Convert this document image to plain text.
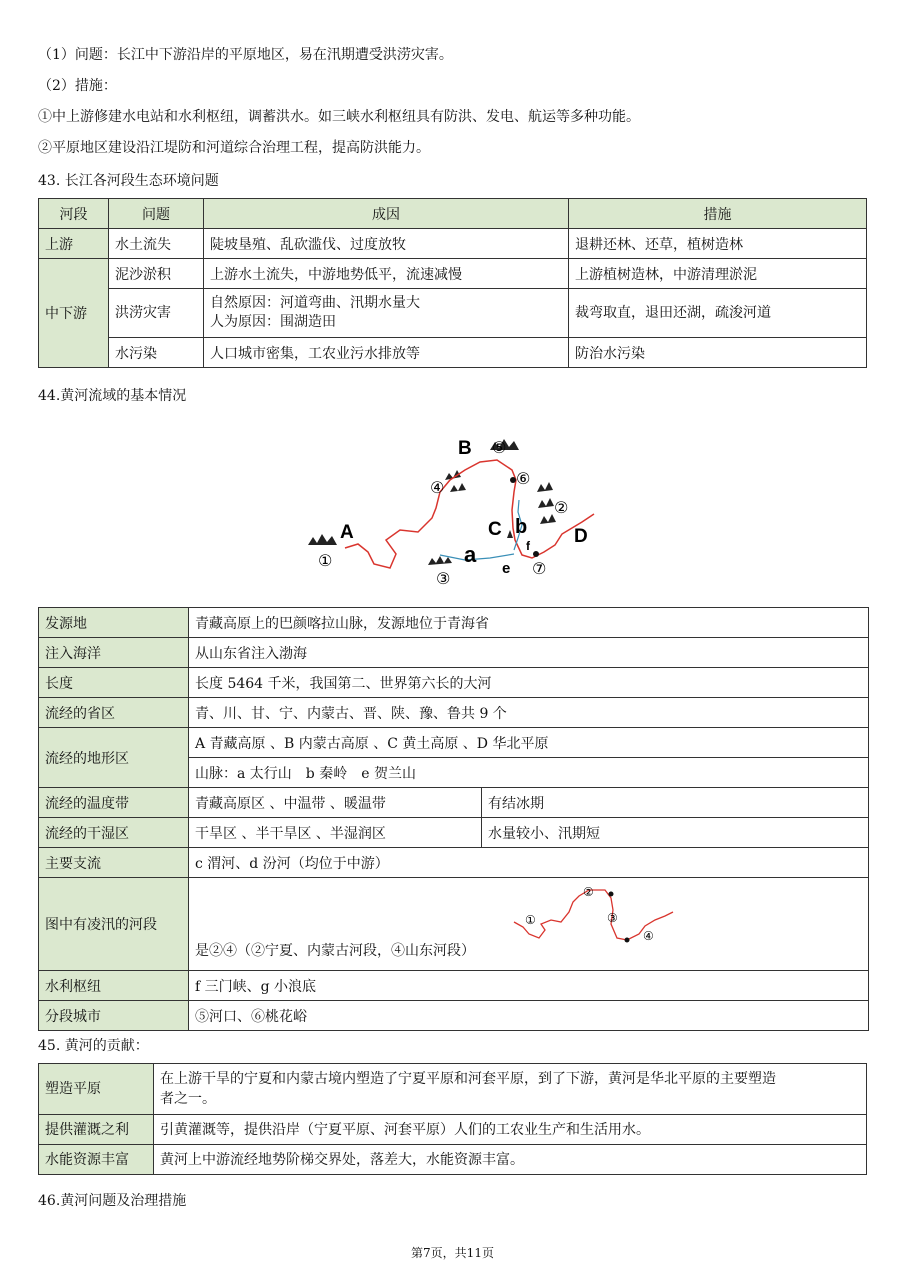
（1）问题：长江中下游沿岸的平原地区，易在汛期遭受洪涝灾害。
（2）措施：
①中上游修建水电站和水利枢纽，调蓄洪水。如三峡水利枢纽具有防洪、发电、航运等多种功能。
②平原地区建设沿江堤防和河道综合治理工程，提高防洪能力。
43. 长江各河段生态环境问题
河段	问题	成因	措施
上游	水土流失	陡坡垦殖、乱砍滥伐、过度放牧	退耕还林、还草，植树造林
中下游	泥沙淤积	上游水土流失，中游地势低平，流速减慢	上游植树造林，中游清理淤泥
	洪涝灾害	自然原因：河道弯曲、汛期水量大
人为原因：围湖造田	裁弯取直，退田还湖，疏浚河道
	水污染	人口城市密集，工农业污水排放等	防治水污染
44.黄河流域的基本情况
A
B
C	D
a
b
e
f
①
②
③
④
⑤
⑥
⑦
发源地	青藏高原上的巴颜喀拉山脉，发源地位于青海省	
注入海洋	从山东省注入渤海	
长度	长度 5464 千米，我国第二、世界第六长的大河	
流经的省区	青、川、甘、宁、内蒙古、晋、陕、豫、鲁共 9 个	
流经的地形区	A 青藏高原 、B 内蒙古高原 、C 黄土高原 、D 华北平原	
	山脉：a 太行山　b 秦岭　e 贺兰山	
流经的温度带	青藏高原区 、中温带 、暖温带	有结冰期
流经的干湿区	干旱区 、半干旱区 、半湿润区	水量较小、汛期短
主要支流	c 渭河、d 汾河（均位于中游）	
图中有凌汛的河段	是②④（②宁夏、内蒙古河段，④山东河段）
①
②
③
④	

水利枢纽	f 三门峡、g 小浪底	
分段城市	⑤河口、⑥桃花峪	
45. 黄河的贡献：
塑造平原	在上游干旱的宁夏和内蒙古境内塑造了宁夏平原和河套平原，到了下游，黄河是华北平原的主要塑造
者之一。

提供灌溉之利	引黄灌溉等，提供沿岸（宁夏平原、河套平原）人们的工农业生产和生活用水。
水能资源丰富	黄河上中游流经地势阶梯交界处，落差大，水能资源丰富。
46.黄河问题及治理措施
第7页，共11页
